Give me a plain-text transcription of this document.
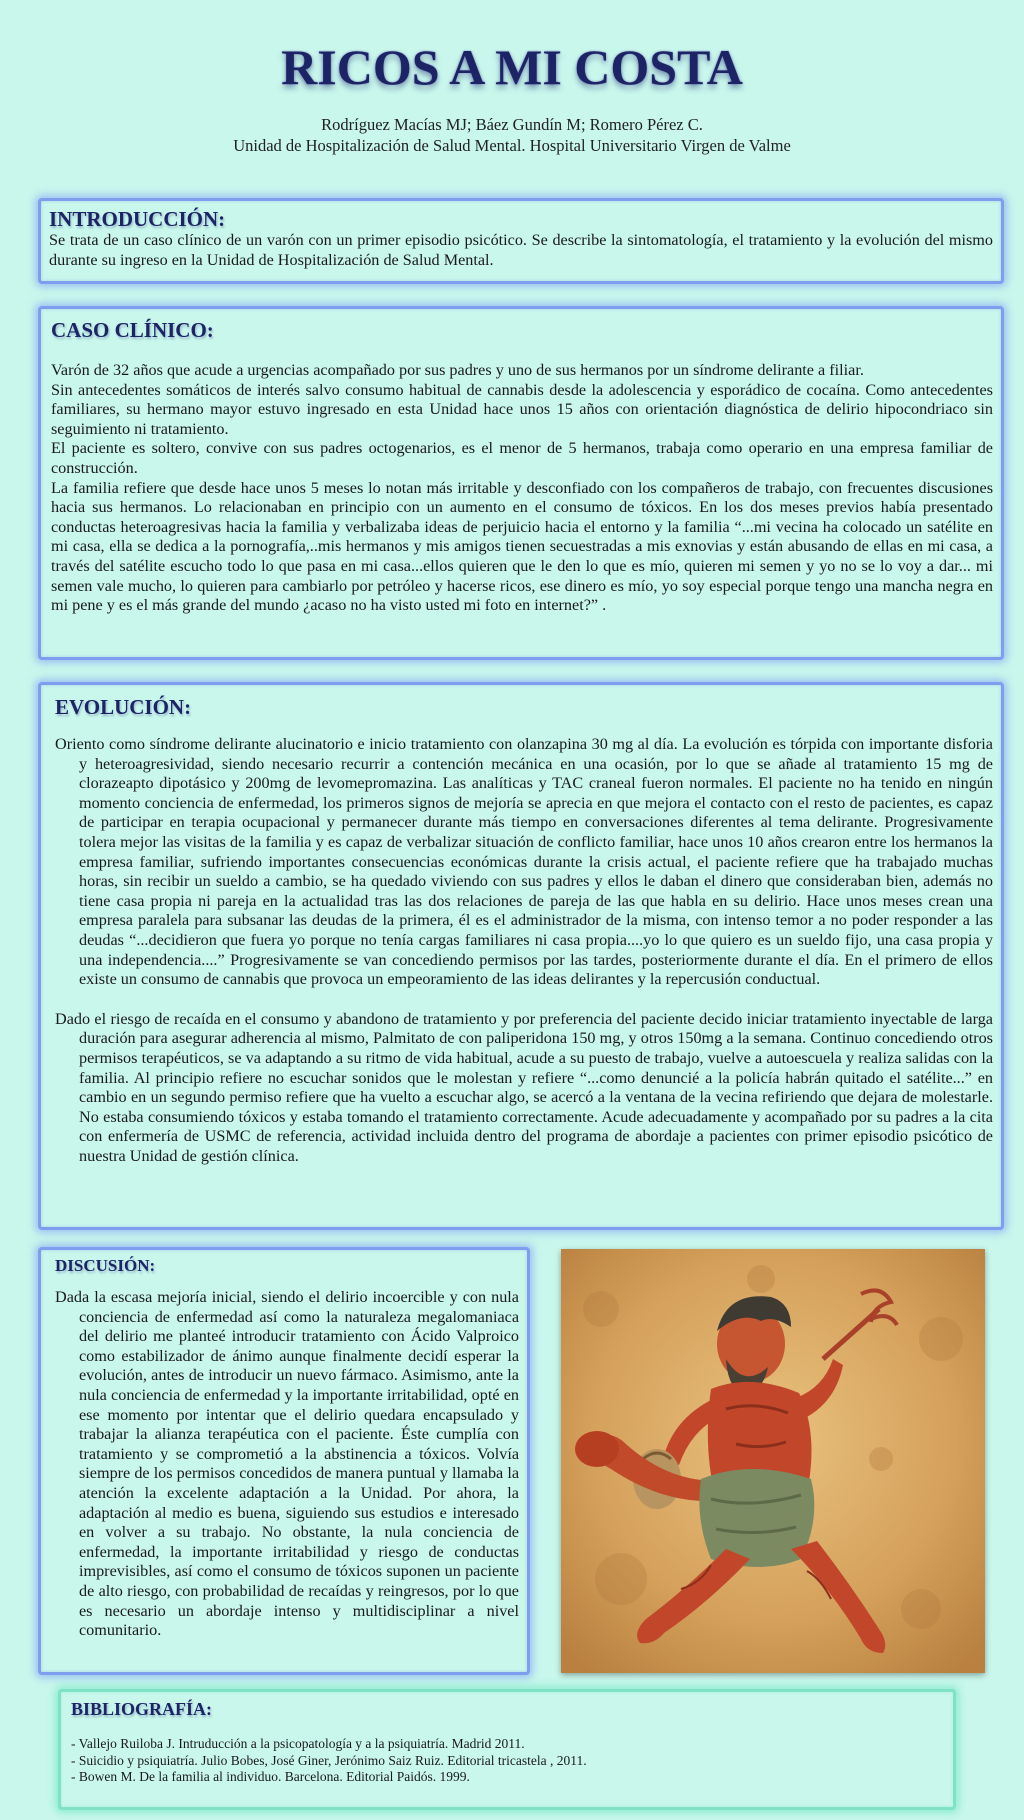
RICOS A MI COSTA
Rodríguez Macías MJ; Báez Gundín M; Romero Pérez C.
Unidad de Hospitalización de Salud Mental. Hospital Universitario Virgen de Valme
INTRODUCCIÓN:

Se trata de un caso clínico de un varón con un primer episodio psicótico. Se describe la sintomatología, el tratamiento y la evolución del mismo durante su ingreso en la Unidad de Hospitalización de Salud Mental.

CASO CLÍNICO:

Varón de 32 años que acude a urgencias acompañado por sus padres y uno de sus hermanos por un síndrome delirante a filiar.

Sin antecedentes somáticos de interés salvo consumo habitual de cannabis desde la adolescencia y esporádico de cocaína. Como antecedentes familiares, su hermano mayor estuvo ingresado en esta Unidad hace unos 15 años con orientación diagnóstica de delirio hipocondriaco sin seguimiento ni tratamiento.

El paciente es soltero, convive con sus padres octogenarios, es el menor de 5 hermanos, trabaja como operario en una empresa familiar de construcción.

La familia refiere que desde hace unos 5 meses lo notan más irritable y desconfiado con los compañeros de trabajo, con frecuentes discusiones hacia sus hermanos. Lo relacionaban en principio con un aumento en el consumo de tóxicos. En los dos meses previos había presentado conductas heteroagresivas hacia la familia y verbalizaba ideas de perjuicio hacia el entorno y la familia “...mi vecina ha colocado un satélite en mi casa, ella se dedica a la pornografía,..mis hermanos y mis amigos tienen secuestradas a mis exnovias y están abusando de ellas en mi casa, a través del satélite escucho todo lo que pasa en mi casa...ellos quieren que le den lo que es mío, quieren mi semen y yo no se lo voy a dar... mi semen vale mucho, lo quieren para cambiarlo por petróleo y hacerse ricos, ese dinero es mío, yo soy especial porque tengo una mancha negra en mi pene y es el más grande del mundo ¿acaso no ha visto usted mi foto en internet?” .

EVOLUCIÓN:

Oriento como síndrome delirante alucinatorio e inicio tratamiento con olanzapina 30 mg al día. La evolución es tórpida con importante disforia y heteroagresividad, siendo necesario recurrir a contención mecánica en una ocasión, por lo que se añade al tratamiento 15 mg de clorazeapto dipotásico y 200mg de levomepromazina. Las analíticas y TAC craneal fueron normales. El paciente no ha tenido en ningún momento conciencia de enfermedad, los primeros signos de mejoría se aprecia en que mejora el contacto con el resto de pacientes, es capaz de participar en terapia ocupacional y permanecer durante más tiempo en conversaciones diferentes al tema delirante. Progresivamente tolera mejor las visitas de la familia y es capaz de verbalizar situación de conflicto familiar, hace unos 10 años crearon entre los hermanos la empresa familiar, sufriendo importantes consecuencias económicas durante la crisis actual, el paciente refiere que ha trabajado muchas horas, sin recibir un sueldo a cambio, se ha quedado viviendo con sus padres y ellos le daban el dinero que consideraban bien, además no tiene casa propia ni pareja en la actualidad tras las dos relaciones de pareja de las que habla en su delirio. Hace unos meses crean una empresa paralela para subsanar las deudas de la primera, él es el administrador de la misma, con intenso temor a no poder responder a las deudas “...decidieron que fuera yo porque no tenía cargas familiares ni casa propia....yo lo que quiero es un sueldo fijo, una casa propia y una independencia....” Progresivamente se van concediendo permisos por las tardes, posteriormente durante el día. En el primero de ellos existe un consumo de cannabis que provoca un empeoramiento de las ideas delirantes y la repercusión conductual.

Dado el riesgo de recaída en el consumo y abandono de tratamiento y por preferencia del paciente decido iniciar tratamiento inyectable de larga duración para asegurar adherencia al mismo, Palmitato de con paliperidona 150 mg, y otros 150mg a la semana. Continuo concediendo otros permisos terapéuticos, se va adaptando a su ritmo de vida habitual, acude a su puesto de trabajo, vuelve a autoescuela y realiza salidas con la familia. Al principio refiere no escuchar sonidos que le molestan y refiere “...como denuncié a la policía habrán quitado el satélite...” en cambio en un segundo permiso refiere que ha vuelto a escuchar algo, se acercó a la ventana de la vecina refiriendo que dejara de molestarle. No estaba consumiendo tóxicos y estaba tomando el tratamiento correctamente. Acude adecuadamente y acompañado por su padres a la cita con enfermería de USMC de referencia, actividad incluida dentro del programa de abordaje a pacientes con primer episodio psicótico de nuestra Unidad de gestión clínica.

DISCUSIÓN:

Dada la escasa mejoría inicial, siendo el delirio incoercible y con nula conciencia de enfermedad así como la naturaleza megalomaniaca del delirio me planteé introducir tratamiento con Ácido Valproico como estabilizador de ánimo aunque finalmente decidí esperar la evolución, antes de introducir un nuevo fármaco. Asimismo, ante la nula conciencia de enfermedad y la importante irritabilidad, opté en ese momento por intentar que el delirio quedara encapsulado y trabajar la alianza terapéutica con el paciente. Éste cumplía con tratamiento y se comprometió a la abstinencia a tóxicos. Volvía siempre de los permisos concedidos de manera puntual y llamaba la atención la excelente adaptación a la Unidad. Por ahora, la adaptación al medio es buena, siguiendo sus estudios e interesado en volver a su trabajo. No obstante, la nula conciencia de enfermedad, la importante irritabilidad y riesgo de conductas imprevisibles, así como el consumo de tóxicos suponen un paciente de alto riesgo, con probabilidad de recaídas y reingresos, por lo que es necesario un abordaje intenso y multidisciplinar a nivel comunitario.

BIBLIOGRAFÍA:
- Vallejo Ruiloba J. Intruducción a la psicopatología y a la psiquiatría. Madrid 2011.
- Suicidio y psiquiatría. Julio Bobes, José Giner, Jerónimo Saiz Ruiz. Editorial tricastela , 2011.
- Bowen M. De la familia al individuo. Barcelona. Editorial Paidós. 1999.
